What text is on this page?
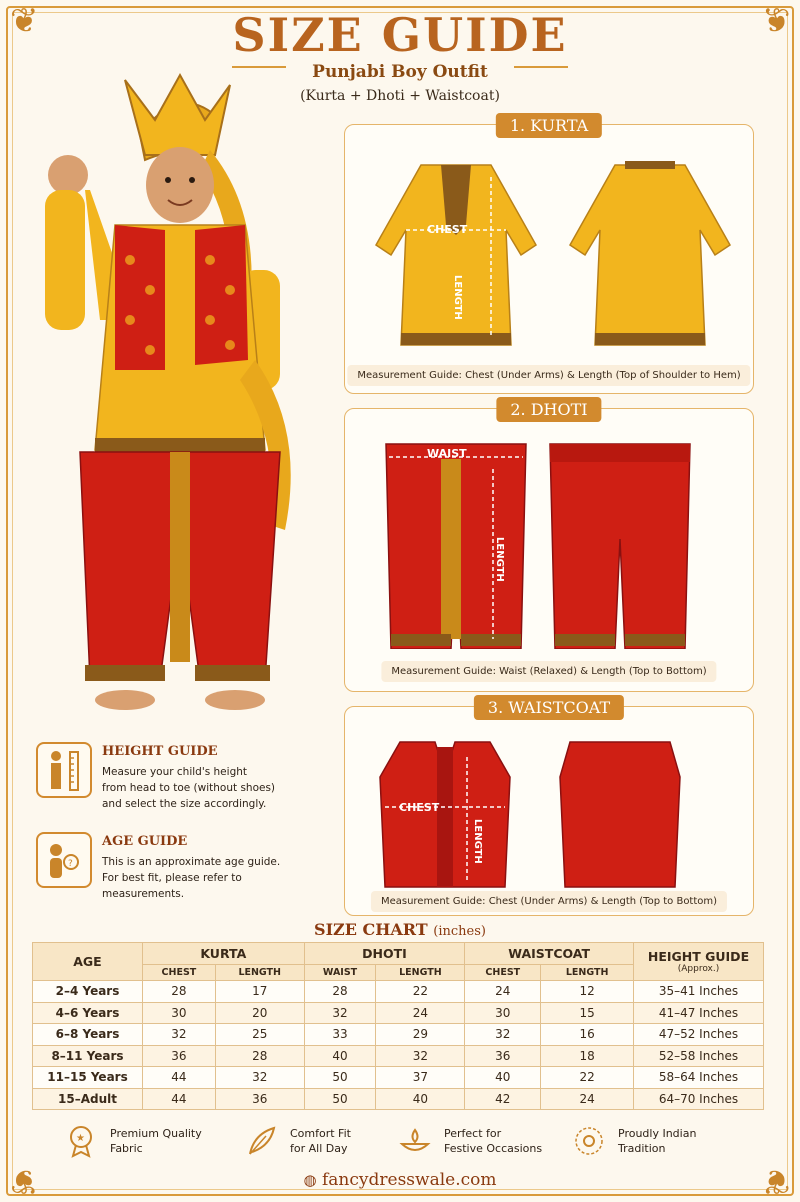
❦	❦
❦	❦
SIZE GUIDE
Punjabi Boy Outfit
(Kurta + Dhoti + Waistcoat)
1. KURTA
CHEST
LENGTH
Measurement Guide: Chest (Under Arms) & Length (Top of Shoulder to Hem)
2. DHOTI
WAIST
LENGTH
Measurement Guide: Waist (Relaxed) & Length (Top to Bottom)
3. WAISTCOAT
CHEST
LENGTH
Measurement Guide: Chest (Under Arms) & Length (Top to Bottom)
HEIGHT GUIDE
Measure your child's height
from head to toe (without shoes)
and select the size accordingly.
?
AGE GUIDE
This is an approximate age guide.
For best fit, please refer to
measurements.
SIZE CHART (inches)
AGE	KURTA		DHOTI		WAISTCOAT		HEIGHT GUIDE
(Approx.)

	CHEST	LENGTH	WAIST	LENGTH	CHEST	LENGTH	
2–4 Years	28	17	28	22	24	12	35–41 Inches
4–6 Years	30	20	32	24	30	15	41–47 Inches
6–8 Years	32	25	33	29	32	16	47–52 Inches
8–11 Years	36	28	40	32	36	18	52–58 Inches
11–15 Years	44	32	50	37	40	22	58–64 Inches
15–Adult	44	36	50	40	42	24	64–70 Inches
★ Premium Quality
Fabric
Comfort Fit
for All Day
Perfect for
Festive Occasions
Proudly Indian
Tradition
◍ fancydresswale.com
